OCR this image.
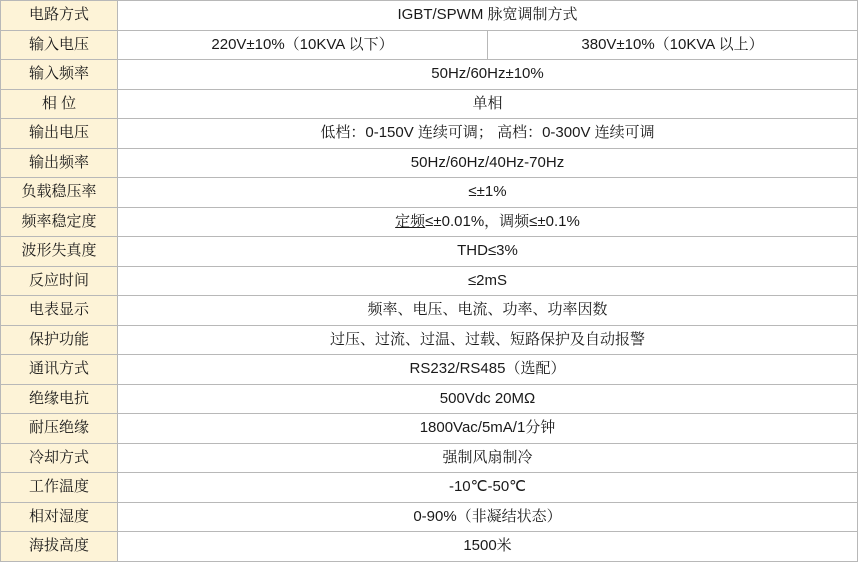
电路方式	IGBT/SPWM 脉宽调制方式	
输入电压	220V±10%（10KVA 以下）	380V±10%（10KVA 以上）
输入频率	50Hz/60Hz±10%	
相 位	单相	
输出电压	低档：0-150V 连续可调； 高档：0-300V 连续可调	
输出频率	50Hz/60Hz/40Hz-70Hz	
负载稳压率	≤±1%	
频率稳定度	定频≤±0.01%，调频≤±0.1%	
波形失真度	THD≤3%	
反应时间	≤2mS	
电表显示	频率、电压、电流、功率、功率因数	
保护功能	过压、过流、过温、过载、短路保护及自动报警	
通讯方式	RS232/RS485（选配）	
绝缘电抗	500Vdc 20MΩ	
耐压绝缘	1800Vac/5mA/1分钟	
冷却方式	强制风扇制冷	
工作温度	-10℃-50℃	
相对湿度	0-90%（非凝结状态）	
海拔高度	1500米	
